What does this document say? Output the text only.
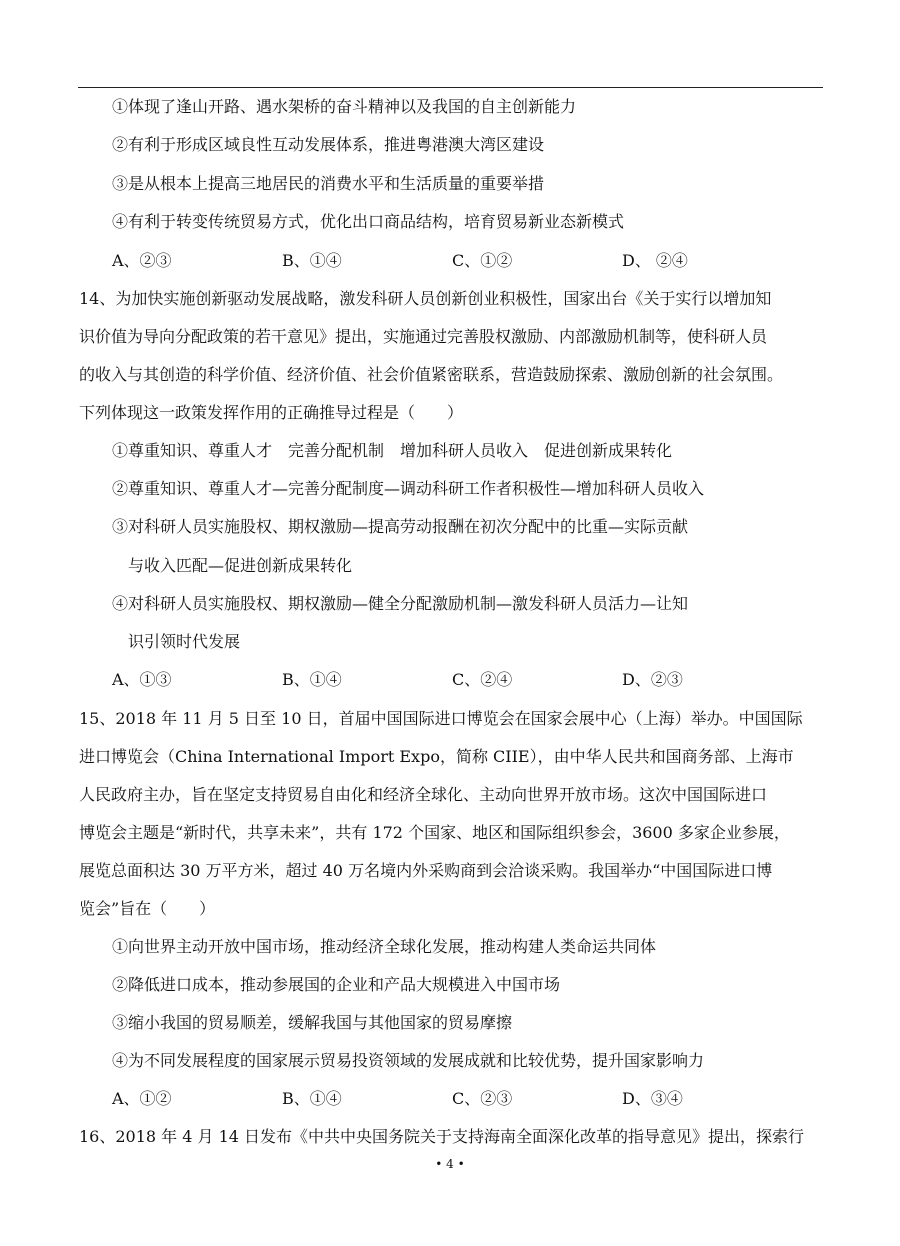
①体现了逢山开路、遇水架桥的奋斗精神以及我国的自主创新能力
②有利于形成区域良性互动发展体系，推进粤港澳大湾区建设
③是从根本上提高三地居民的消费水平和生活质量的重要举措
④有利于转变传统贸易方式，优化出口商品结构，培育贸易新业态新模式
A、②③	B、①④	C、①②	D、 ②④
14、为加快实施创新驱动发展战略，激发科研人员创新创业积极性，国家出台《关于实行以增加知
识价值为导向分配政策的若干意见》提出，实施通过完善股权激励、内部激励机制等，使科研人员
的收入与其创造的科学价值、经济价值、社会价值紧密联系，营造鼓励探索、激励创新的社会氛围。
下列体现这一政策发挥作用的正确推导过程是（　　）
①尊重知识、尊重人才　完善分配机制　增加科研人员收入　促进创新成果转化
②尊重知识、尊重人才—完善分配制度—调动科研工作者积极性—增加科研人员收入
③对科研人员实施股权、期权激励—提高劳动报酬在初次分配中的比重—实际贡献
与收入匹配—促进创新成果转化
④对科研人员实施股权、期权激励—健全分配激励机制—激发科研人员活力—让知
识引领时代发展
A、①③	B、①④	C、②④	D、②③
15、2018 年 11 月 5 日至 10 日，首届中国国际进口博览会在国家会展中心（上海）举办。中国国际
进口博览会（China International Import Expo，简称 CIIE），由中华人民共和国商务部、上海市
人民政府主办，旨在坚定支持贸易自由化和经济全球化、主动向世界开放市场。这次中国国际进口
博览会主题是“新时代，共享未来”，共有 172 个国家、地区和国际组织参会，3600 多家企业参展，
展览总面积达 30 万平方米，超过 40 万名境内外采购商到会洽谈采购。我国举办“中国国际进口博
览会”旨在（　　）
①向世界主动开放中国市场，推动经济全球化发展，推动构建人类命运共同体
②降低进口成本，推动参展国的企业和产品大规模进入中国市场
③缩小我国的贸易顺差，缓解我国与其他国家的贸易摩擦
④为不同发展程度的国家展示贸易投资领域的发展成就和比较优势，提升国家影响力
A、①②	B、①④	C、②③	D、③④
16、2018 年 4 月 14 日发布《中共中央国务院关于支持海南全面深化改革的指导意见》提出，探索行
• 4 •
